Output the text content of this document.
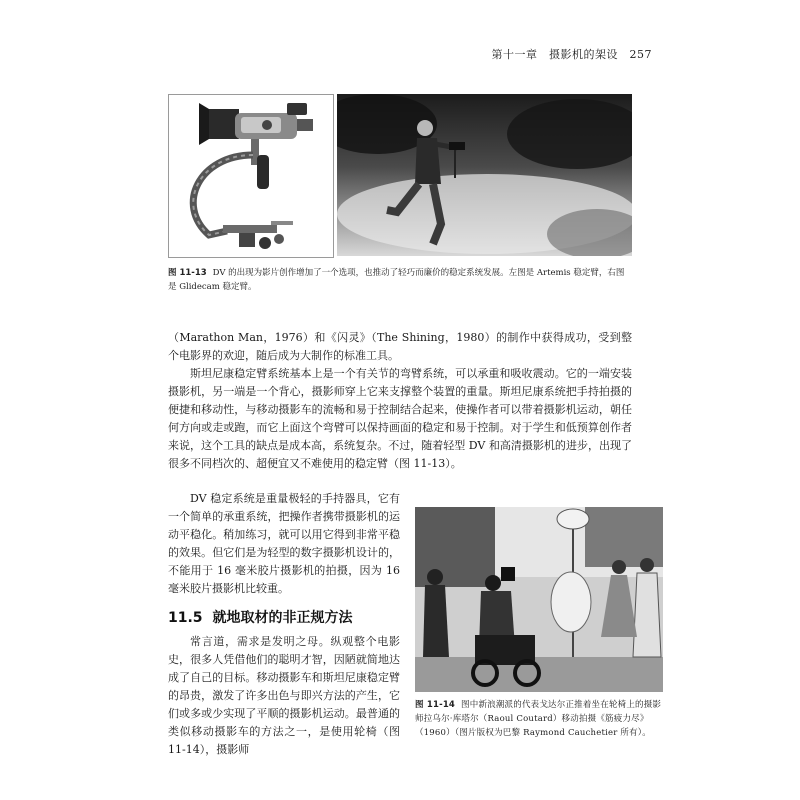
第十一章　摄影机的架设　257
图 11-13 DV 的出现为影片创作增加了一个选项，也推动了轻巧而廉价的稳定系统发展。左图是 Artemis 稳定臂，右图是 Glidecam 稳定臂。
（Marathon Man，1976）和《闪灵》（The Shining，1980）的制作中获得成功，受到整个电影界的欢迎，随后成为大制作的标准工具。
斯坦尼康稳定臂系统基本上是一个有关节的弯臂系统，可以承重和吸收震动。它的一端安装摄影机，另一端是一个背心，摄影师穿上它来支撑整个装置的重量。斯坦尼康系统把手持拍摄的便捷和移动性，与移动摄影车的流畅和易于控制结合起来，使操作者可以带着摄影机运动，朝任何方向或走或跑，而它上面这个弯臂可以保持画面的稳定和易于控制。对于学生和低预算创作者来说，这个工具的缺点是成本高，系统复杂。不过，随着轻型 DV 和高清摄影机的进步，出现了很多不同档次的、超便宜又不难使用的稳定臂（图 11-13）。
DV 稳定系统是重量极轻的手持器具，它有一个简单的承重系统，把操作者携带摄影机的运动平稳化。稍加练习，就可以用它得到非常平稳的效果。但它们是为轻型的数字摄影机设计的，不能用于 16 毫米胶片摄影机的拍摄，因为 16 毫米胶片摄影机比较重。
11.5 就地取材的非正规方法
常言道，需求是发明之母。纵观整个电影史，很多人凭借他们的聪明才智，因陋就简地达成了自己的目标。移动摄影车和斯坦尼康稳定臂的昂贵，激发了许多出色与即兴方法的产生，它们或多或少实现了平顺的摄影机运动。最普通的类似移动摄影车的方法之一，是使用轮椅（图 11-14），摄影师
图 11-14 图中新浪潮派的代表戈达尔正推着坐在轮椅上的摄影师拉乌尔·库塔尔（Raoul Coutard）移动拍摄《筋疲力尽》（1960）（图片版权为巴黎 Raymond Cauchetier 所有）。
